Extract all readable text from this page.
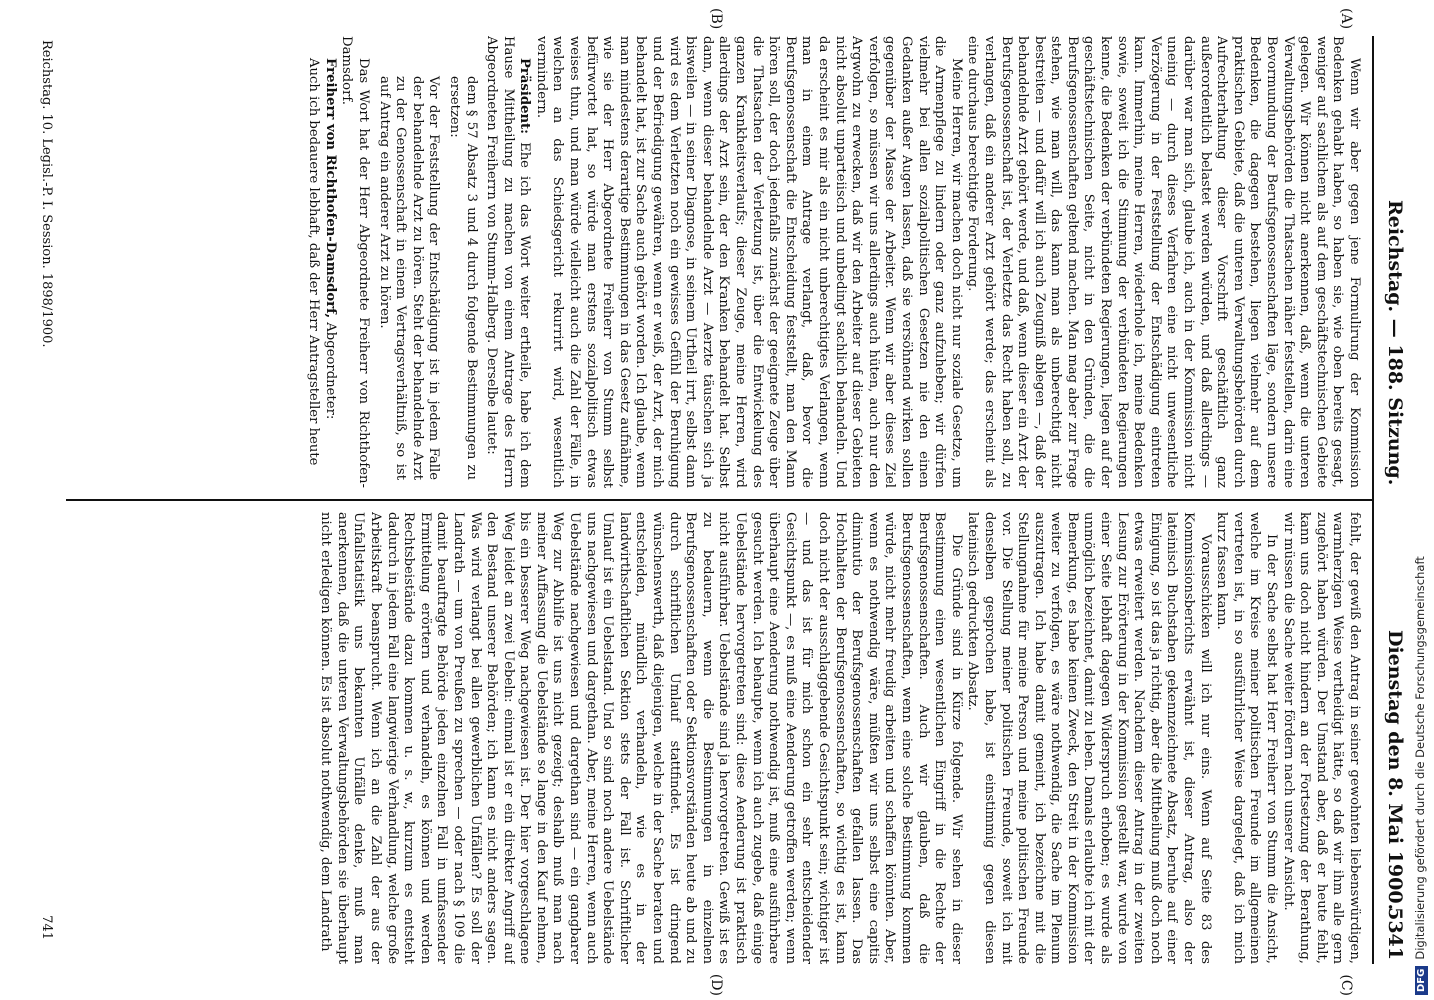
Reichstag. — 188. Sitzung.
Dienstag den 8. Mai 1900.
5341
(A)
(B)
(C)
(D)

Wenn wir aber gegen jene Formulirung der Kommission Bedenken gehabt haben, so haben sie, wie oben bereits gesagt, weniger auf sachlichem als auf dem geschäftstechnischen Gebiete gelegen. Wir können nicht anerkennen, daß, wenn die unteren Verwaltungsbehörden die Thatsachen näher feststellen, darin eine Bevormundung der Berufsgenossenschaften läge, sondern unsere Bedenken, die dagegen bestehen, liegen vielmehr auf dem praktischen Gebiete, daß die unteren Verwaltungsbehörden durch Aufrechterhaltung dieser Vorschrift geschäftlich ganz außerordentlich belastet werden würden, und daß allerdings — darüber war man sich, glaube ich, auch in der Kommission nicht uneinig — durch dieses Verfahren eine nicht unwesentliche Verzögerung in der Feststellung der Entschädigung eintreten kann. Immerhin, meine Herren, wiederhole ich, meine Bedenken sowie, soweit ich die Stimmung der verbündeten Regierungen kenne, die Bedenken der verbündeten Regierungen, liegen auf der geschäftstechnischen Seite, nicht in den Gründen, die die Berufsgenossenschaften geltend machen. Man mag aber zur Frage stehen, wie man will, das kann man als unberechtigt nicht bestreiten — und dafür will ich auch Zeugniß ablegen —, daß der behandelnde Arzt gehört werde, und daß, wenn dieser ein Arzt der Berufsgenossenschaft ist, der Verletzte das Recht haben soll, zu verlangen, daß ein anderer Arzt gehört werde; das erscheint als eine durchaus berechtigte Forderung.

Meine Herren, wir machen doch nicht nur soziale Gesetze, um die Armenpflege zu lindern oder ganz aufzuheben; wir dürfen vielmehr bei allen sozialpolitischen Gesetzen nie den einen Gedanken außer Augen lassen, daß sie versöhnend wirken sollen gegenüber der Masse der Arbeiter. Wenn wir aber dieses Ziel verfolgen, so müssen wir uns allerdings auch hüten, auch nur den Argwohn zu erwecken, daß wir den Arbeiter auf dieser Gebieten nicht absolut unparteiisch und unbedingt sachlich behandeln. Und da erscheint es mir als ein nicht unberechtigtes Verlangen, wenn man in einem Antrage verlangt, daß, bevor die Berufsgenossenschaft die Entscheidung feststellt, man den Mann hören soll, der doch jedenfalls zunächst der geeignete Zeuge über die Thatsachen der Verletzung ist, über die Entwickelung des ganzen Krankheitsverlaufs; dieser Zeuge, meine Herren, wird allerdings der Arzt sein, der den Kranken behandelt hat. Selbst dann, wenn dieser behandelnde Arzt — Aerzte täuschen sich ja bisweilen — in seiner Diagnose, in seinem Urtheil irrt, selbst dann wird es dem Verletzten noch ein gewisses Gefühl der Beruhigung und der Befriedigung gewähren, wenn er weiß, der Arzt, der mich behandelt hat, ist zur Sache auch gehört worden. Ich glaube, wenn man mindestens derartige Bestimmungen in das Gesetz aufnähme, wie sie der Herr Abgeordnete Freiherr von Stumm selbst befürwortet hat, so würde man erstens sozialpolitisch etwas weises thun, und man würde vielleicht auch die Zahl der Fälle, in welchen an das Schiedsgericht rekurrirt wird, wesentlich vermindern.

Präsident: Ehe ich das Wort weiter ertheile, habe ich dem Hause Mittheilung zu machen von einem Antrage des Herrn Abgeordneten Freiherrn von Stumm-Halberg. Derselbe lautet:

dem § 57 Absatz 3 und 4 durch folgende Bestimmungen zu ersetzen:

Vor der Feststellung der Entschädigung ist in jedem Falle der behandelnde Arzt zu hören. Steht der behandelnde Arzt zu der Genossenschaft in einem Vertragsverhältniß, so ist auf Antrag ein anderer Arzt zu hören.

Das Wort hat der Herr Abgeordnete Freiherr von Richthofen-Damsdorf.

Freiherr von Richthofen-Damsdorf, Abgeordneter:

Auch ich bedauere lebhaft, daß der Herr Antragsteller heute

fehlt, der gewiß den Antrag in seiner gewohnten liebenswürdigen, warmherzigen Weise vertheidigt hätte, so daß wir ihm alle gern zugehört haben würden. Der Umstand aber, daß er heute fehlt, kann uns doch nicht hindern an der Fortsetzung der Berathung, wir müssen die Sache weiter fördern nach unserer Ansicht.

In der Sache selbst hat Herr Freiherr von Stumm die Ansicht, welche im Kreise meiner politischen Freunde im allgemeinen vertreten ist, in so ausführlicher Weise dargelegt, daß ich mich kurz fassen kann.

Vorausschicken will ich nur eins. Wenn auf Seite 83 des Kommissionsberichts erwähnt ist, dieser Antrag, also der lateinisch Buchstaben gekennzeichnete Absatz, beruhe auf einer Einigung, so ist das ja richtig, aber die Mittheilung muß doch noch etwas erweitert werden. Nachdem dieser Antrag in der zweiten Lesung zur Erörterung in der Kommission gestellt war, wurde von einer Seite lebhaft dagegen Widerspruch erhoben; es wurde als unmöglich bezeichnet, damit zu leben. Damals erlaubte ich mit der Bemerkung, es habe keinen Zweck, den Streit in der Kommission weiter zu verfolgen, es wäre nothwendig, die Sache im Plenum auszutragen. Ich habe damit gemeint, ich bezeichne mit die Stellungnahme für meine Person und meine politischen Freunde vor. Die Stellung meiner politischen Freunde, soweit ich mit denselben gesprochen habe, ist einstimmig gegen diesen lateinisch gedruckten Absatz.

Die Gründe sind in Kürze folgende. Wir sehen in dieser Bestimmung einen wesentlichen Eingriff in die Rechte der Berufsgenossenschaften. Auch wir glauben, daß die Berufsgenossenschaften, wenn eine solche Bestimmung kommen würde, nicht mehr freudig arbeiten und schaffen könnten. Aber, wenn es nothwendig wäre, müßten wir uns selbst eine capitis diminutio der Berufsgenossenschaften gefallen lassen. Das Hochhalten der Berufsgenossenschaften, so wichtig es ist, kann doch nicht der ausschlaggebende Gesichtspunkt sein; wichtiger ist — und das ist für mich schon ein sehr entscheidender Gesichtspunkt —, es muß eine Aenderung getroffen werden; wenn überhaupt eine Aenderung nothwendig ist, muß eine ausführbare gesucht werden. Ich behaupte, wenn ich auch zugebe, daß einige Uebelstände hervorgetreten sind: diese Aenderung ist praktisch nicht ausführbar. Uebelstände sind ja hervorgetreten. Gewiß ist es zu bedauern, wenn die Bestimmungen in einzelnen Berufsgenossenschaften oder Sektionsvorständen heute ab und zu durch schriftlichen Umlauf stattfindet. Es ist dringend wünschenswerth, daß diejenigen, welche in der Sache beraten und entscheiden, mündlich verhandeln, wie es in der landwirthschaftlichen Sektion stets der Fall ist. Schriftlicher Umlauf ist ein Uebelstand. Und so sind noch andere Uebelstände uns nachgewiesen und dargethan. Aber, meine Herren, wenn auch Uebelstände nachgewiesen und dargethan sind — ein gangbarer Weg zur Abhilfe ist uns nicht gezeigt; deshalb muß man nach meiner Auffassung die Uebelstände so lange in den Kauf nehmen, bis ein besserer Weg nachgewiesen ist. Der hier vorgeschlagene Weg leidet an zwei Uebeln: einmal ist er ein direkter Angriff auf den Bestand unserer Behörden; ich kann es nicht anders sagen. Was wird verlangt bei allen gewerblichen Unfällen? Es soll der Landrath — um von Preußen zu sprechen — oder nach § 109 die damit beauftragte Behörde jeden einzelnen Fall in umfassender Ermittelung erörtern und verhandeln, es können und werden Rechtsbeistände dazu kommen u. s. w., kurzum es entsteht dadurch in jedem Fall eine langwierige Verhandlung, welche große Arbeitskraft beansprucht. Wenn ich an die Zahl der aus der Unfallstatistik uns bekannten Unfälle denke, muß man anerkennen, daß die unteren Verwaltungsbehörden sie überhaupt nicht erledigen können. Es ist absolut nothwendig, dem Landrath

Reichstag. 10. Legisl.-P. I. Session. 1898/1900.
741
DFGDigitalisierung gefördert durch die Deutsche Forschungsgemeinschaft
